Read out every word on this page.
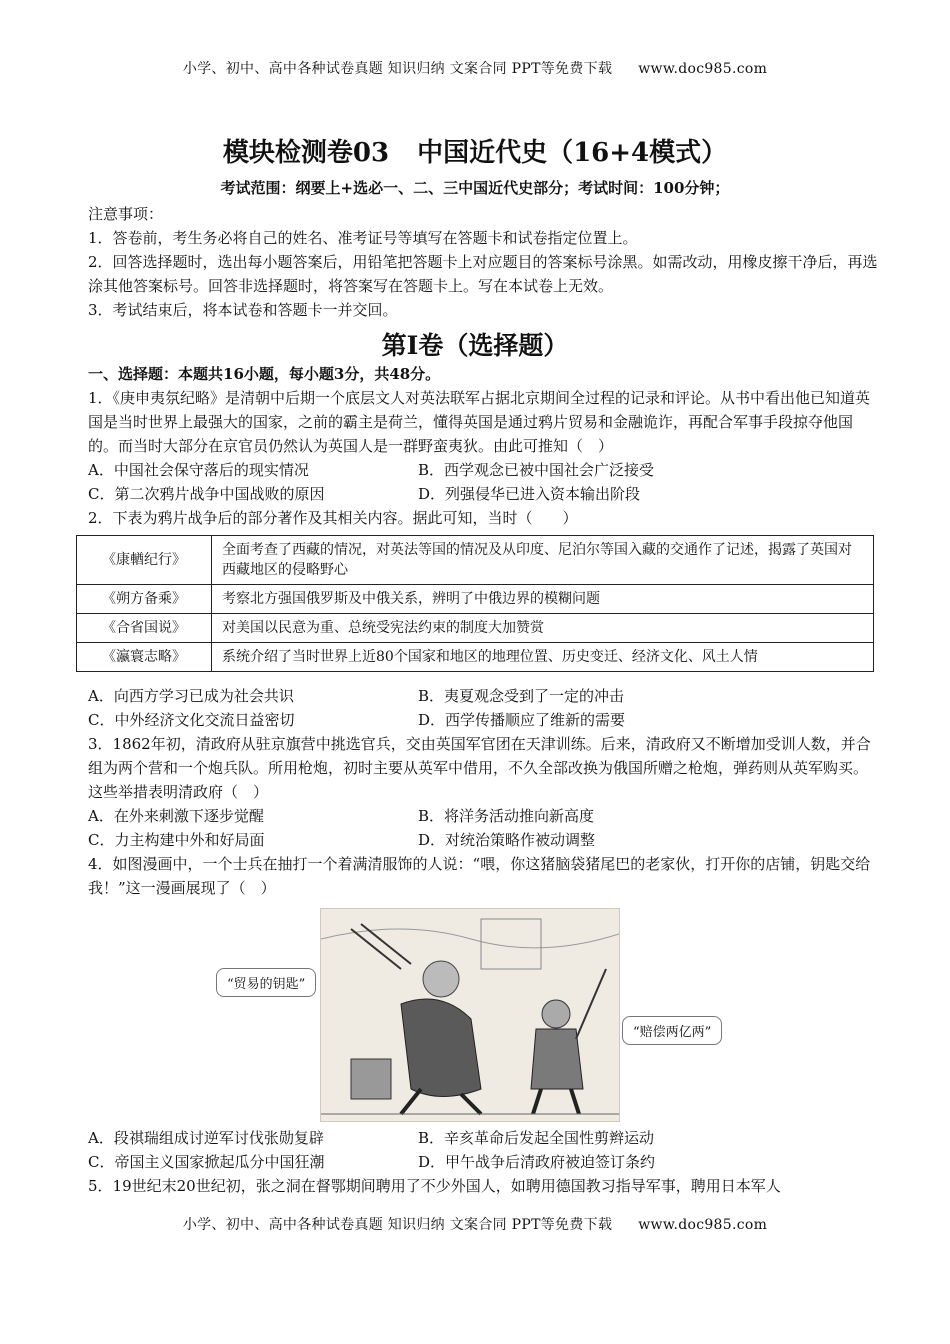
小学、初中、高中各种试卷真题 知识归纳 文案合同 PPT等免费下载 www.doc985.com
模块检测卷03 中国近代史（16+4模式）
考试范围：纲要上+选必一、二、三中国近代史部分；考试时间：100分钟；

注意事项：

1．答卷前，考生务必将自己的姓名、准考证号等填写在答题卡和试卷指定位置上。

2．回答选择题时，选出每小题答案后，用铅笔把答题卡上对应题目的答案标号涂黑。如需改动，用橡皮擦干净后，再选涂其他答案标号。回答非选择题时，将答案写在答题卡上。写在本试卷上无效。

3．考试结束后，将本试卷和答题卡一并交回。

第I卷（选择题）

一、选择题：本题共16小题，每小题3分，共48分。

1．《庚申夷氛纪略》是清朝中后期一个底层文人对英法联军占据北京期间全过程的记录和评论。从书中看出他已知道英国是当时世界上最强大的国家，之前的霸主是荷兰，懂得英国是通过鸦片贸易和金融诡诈，再配合军事手段掠夺他国的。而当时大部分在京官员仍然认为英国人是一群野蛮夷狄。由此可推知（　）

A．中国社会保守落后的现实情况	B．西学观念已被中国社会广泛接受
C．第二次鸦片战争中国战败的原因	D．列强侵华已进入资本输出阶段

2．下表为鸦片战争后的部分著作及其相关内容。据此可知，当时（　　）

《康輶纪行》	全面考查了西藏的情况，对英法等国的情况及从印度、尼泊尔等国入藏的交通作了记述，揭露了英国对西藏地区的侵略野心
《朔方备乘》	考察北方强国俄罗斯及中俄关系，辨明了中俄边界的模糊问题
《合省国说》	对美国以民意为重、总统受宪法约束的制度大加赞赏
《瀛寰志略》	系统介绍了当时世界上近80个国家和地区的地理位置、历史变迁、经济文化、风土人情
A．向西方学习已成为社会共识	B．夷夏观念受到了一定的冲击
C．中外经济文化交流日益密切	D．西学传播顺应了维新的需要

3．1862年初，清政府从驻京旗营中挑选官兵，交由英国军官团在天津训练。后来，清政府又不断增加受训人数，并合组为两个营和一个炮兵队。所用枪炮，初时主要从英军中借用，不久全部改换为俄国所赠之枪炮，弹药则从英军购买。这些举措表明清政府（　）

A．在外来刺激下逐步觉醒	B．将洋务活动推向新高度
C．力主构建中外和好局面	D．对统治策略作被动调整

4．如图漫画中，一个士兵在抽打一个着满清服饰的人说：“喂，你这猪脑袋猪尾巴的老家伙，打开你的店铺，钥匙交给我！”这一漫画展现了（　）

“贸易的钥匙”
“赔偿两亿两”
A．段祺瑞组成讨逆军讨伐张勋复辟	B．辛亥革命后发起全国性剪辫运动
C．帝国主义国家掀起瓜分中国狂潮	D．甲午战争后清政府被迫签订条约

5．19世纪末20世纪初，张之洞在督鄂期间聘用了不少外国人，如聘用德国教习指导军事，聘用日本军人

小学、初中、高中各种试卷真题 知识归纳 文案合同 PPT等免费下载 www.doc985.com
